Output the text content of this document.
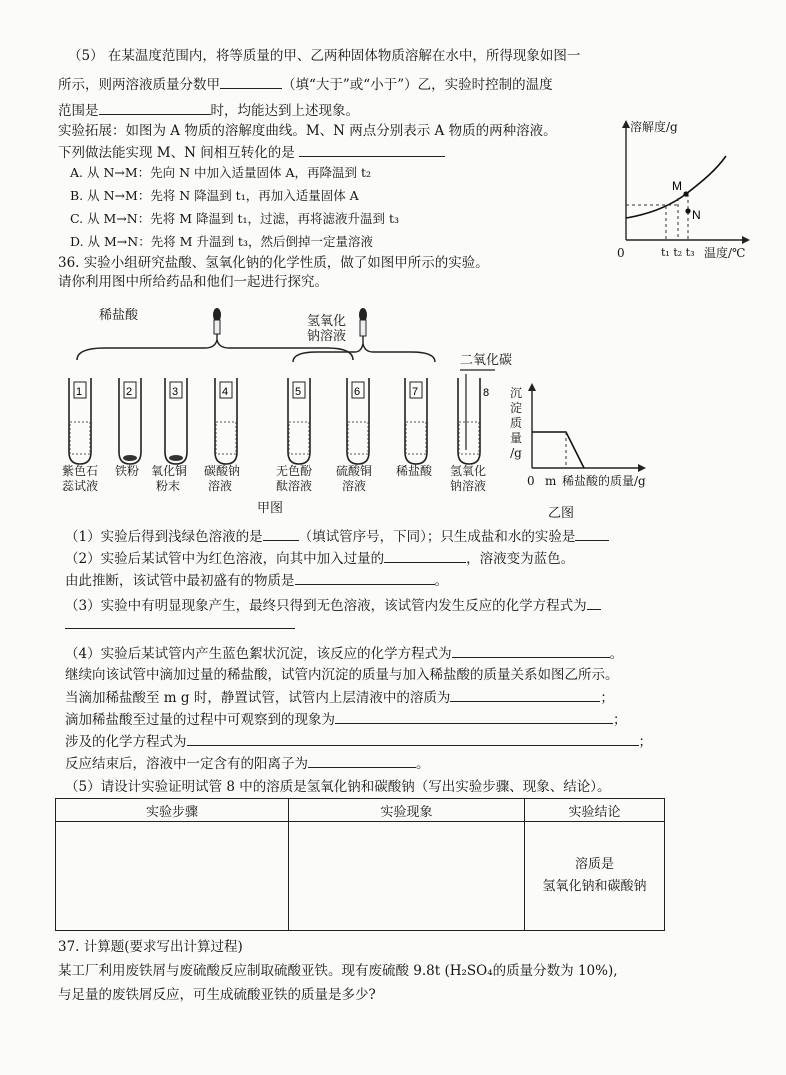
（5） 在某温度范围内，将等质量的甲、乙两种固体物质溶解在水中，所得现象如图一
所示，则两溶液质量分数甲	（填“大于”或“小于”）乙，实验时控制的温度
范围是	时，均能达到上述现象。
实验拓展：如图为 A 物质的溶解度曲线。M、N 两点分别表示 A 物质的两种溶液。
下列做法能实现 M、N 间相互转化的是
A. 从 N→M：先向 N 中加入适量固体 A，再降温到 t₂
B. 从 N→M：先将 N 降温到 t₁，再加入适量固体 A
C. 从 M→N：先将 M 降温到 t₁，过滤，再将滤液升温到 t₃
D. 从 M→N：先将 M 升温到 t₃，然后倒掉一定量溶液
M
N
溶解度/g
0	t₁ t₂ t₃ 温度/℃
36. 实验小组研究盐酸、氢氧化钠的化学性质，做了如图甲所示的实验。
请你利用图中所给药品和他们一起进行探究。
1	2	3	4	5	6	7	8
稀盐酸	氢氧化
钠溶液
二氧化碳
紫色石
蕊试液
铁粉 氧化铜
粉末
碳酸钠
溶液
无色酚
酞溶液
硫酸铜
溶液
稀盐酸 氢氧化
钠溶液
甲图
沉
淀
质
量
/g
0 m 稀盐酸的质量/g
乙图
（1）实验后得到浅绿色溶液的是	（填试管序号，下同）；只生成盐和水的实验是
（2）实验后某试管中为红色溶液，向其中加入过量的	，溶液变为蓝色。
由此推断，该试管中最初盛有的物质是	。
（3）实验中有明显现象产生，最终只得到无色溶液，该试管内发生反应的化学方程式为
（4）实验后某试管内产生蓝色絮状沉淀，该反应的化学方程式为	。
继续向该试管中滴加过量的稀盐酸，试管内沉淀的质量与加入稀盐酸的质量关系如图乙所示。
当滴加稀盐酸至 m g 时，静置试管，试管内上层清液中的溶质为	；
滴加稀盐酸至过量的过程中可观察到的现象为	；
涉及的化学方程式为	；
反应结束后，溶液中一定含有的阳离子为	。
（5）请设计实验证明试管 8 中的溶质是氢氧化钠和碳酸钠（写出实验步骤、现象、结论）。
实验步骤	实验现象	实验结论

		溶质是
氢氧化钠和碳酸钠
37. 计算题(要求写出计算过程)
某工厂利用废铁屑与废硫酸反应制取硫酸亚铁。现有废硫酸 9.8t (H₂SO₄的质量分数为 10%),
与足量的废铁屑反应，可生成硫酸亚铁的质量是多少?
